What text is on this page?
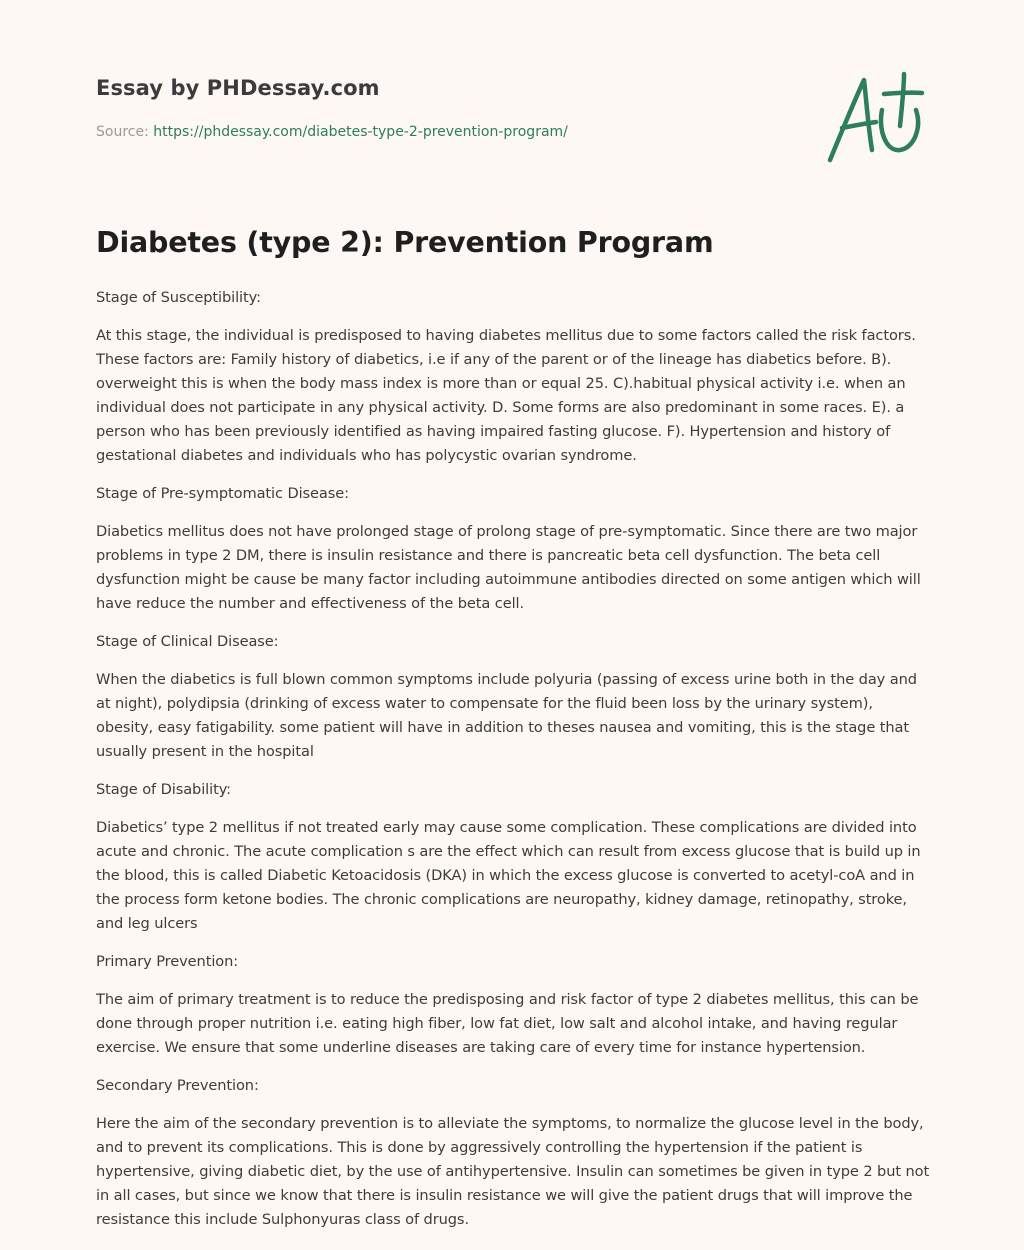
Essay by PHDessay.com
Source: https://phdessay.com/diabetes-type-2-prevention-program/
Diabetes (type 2): Prevention Program

Stage of Susceptibility:

At this stage, the individual is predisposed to having diabetes mellitus due to some factors called the risk factors. These factors are: Family history of diabetics, i.e if any of the parent or of the lineage has diabetics before. B). overweight this is when the body mass index is more than or equal 25. C).habitual physical activity i.e. when an individual does not participate in any physical activity. D. Some forms are also predominant in some races. E). a person who has been previously identified as having impaired fasting glucose. F). Hypertension and history of gestational diabetes and individuals who has polycystic ovarian syndrome.

Stage of Pre-symptomatic Disease:

Diabetics mellitus does not have prolonged stage of prolong stage of pre-symptomatic. Since there are two major problems in type 2 DM, there is insulin resistance and there is pancreatic beta cell dysfunction. The beta cell dysfunction might be cause be many factor including autoimmune antibodies directed on some antigen which will have reduce the number and effectiveness of the beta cell.

Stage of Clinical Disease:

When the diabetics is full blown common symptoms include polyuria (passing of excess urine both in the day and at night), polydipsia (drinking of excess water to compensate for the fluid been loss by the urinary system), obesity, easy fatigability. some patient will have in addition to theses nausea and vomiting, this is the stage that usually present in the hospital

Stage of Disability:

Diabetics’ type 2 mellitus if not treated early may cause some complication. These complications are divided into acute and chronic. The acute complication s are the effect which can result from excess glucose that is build up in the blood, this is called Diabetic Ketoacidosis (DKA) in which the excess glucose is converted to acetyl-coA and in the process form ketone bodies. The chronic complications are neuropathy, kidney damage, retinopathy, stroke, and leg ulcers

Primary Prevention:

The aim of primary treatment is to reduce the predisposing and risk factor of type 2 diabetes mellitus, this can be done through proper nutrition i.e. eating high fiber, low fat diet, low salt and alcohol intake, and having regular exercise. We ensure that some underline diseases are taking care of every time for instance hypertension.

Secondary Prevention:

Here the aim of the secondary prevention is to alleviate the symptoms, to normalize the glucose level in the body, and to prevent its complications. This is done by aggressively controlling the hypertension if the patient is hypertensive, giving diabetic diet, by the use of antihypertensive. Insulin can sometimes be given in type 2 but not in all cases, but since we know that there is insulin resistance we will give the patient drugs that will improve the resistance this include Sulphonyuras class of drugs.
